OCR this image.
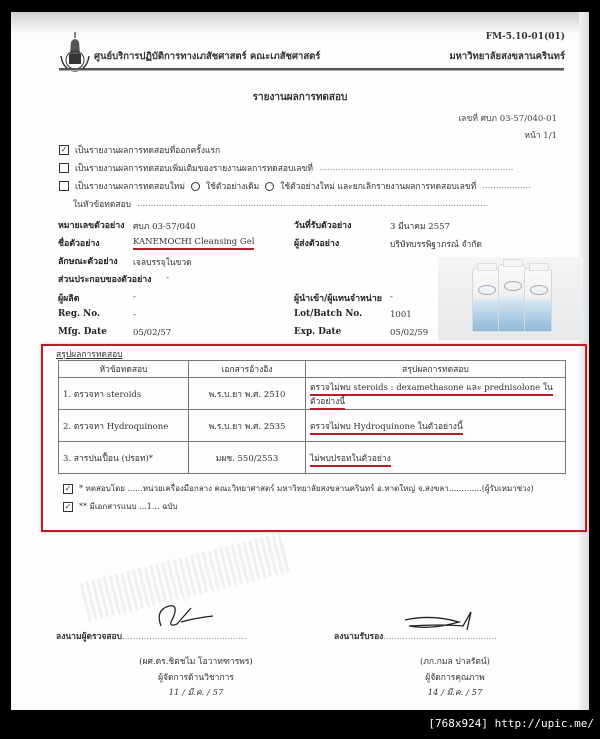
ศูนย์บริการปฏิบัติการทางเภสัชศาสตร์ คณะเภสัชศาสตร์
FM-5.10-01(01)
มหาวิทยาลัยสงขลานครินทร์
รายงานผลการทดสอบ
เลขที่ ศบภ 03-57/040-01
หน้า 1/1
✓ เป็นรายงานผลการทดสอบที่ออกครั้งแรก
เป็นรายงานผลการทดสอบเพิ่มเติมของรายงานผลการทดสอบเลขที่ ........................................................................
เป็นรายงานผลการทดสอบใหม่ ใช้ตัวอย่างเดิม ใช้ตัวอย่างใหม่ และยกเลิกรายงานผลการทดสอบเลขที่ ..................
ในหัวข้อทดสอบ ..................................................................................................................................
หมายเลขตัวอย่าง ศบภ 03-57/040	วันที่รับตัวอย่าง	3 มีนาคม 2557
ชื่อตัวอย่าง	KANEMOCHI Cleansing Gel	ผู้ส่งตัวอย่าง	บริษัทบรรพิฐาภรณ์ จำกัด
ลักษณะตัวอย่าง เจลบรรจุในขวด
ส่วนประกอบของตัวอย่าง -
ผู้ผลิต	-	ผู้นำเข้า/ผู้แทนจำหน่าย -
Reg. No.	-	Lot/Batch No.	1001
Mfg. Date	05/02/57	Exp. Date	05/02/59
สรุปผลการทดสอบ
หัวข้อทดสอบ	เอกสารอ้างอิง	สรุปผลการทดสอบ
1. ตรวจหา steroids	พ.ร.บ.ยา พ.ศ. 2510	ตรวจไม่พบ steroids : dexamethasone และ prednisolone ในตัวอย่างนี้
2. ตรวจหา Hydroquinone	พ.ร.บ.ยา พ.ศ. 2535	ตรวจไม่พบ Hydroquinone ในตัวอย่างนี้
3. สารปนเปื้อน (ปรอท)*	มผช. 550/2553	ไม่พบปรอทในตัวอย่าง
✓ * ทดสอบโดย ......หน่วยเครื่องมือกลาง คณะวิทยาศาสตร์ มหาวิทยาลัยสงขลานครินทร์ อ.หาดใหญ่ จ.สงขลา.............(ผู้รับเหมาช่วง)
✓ ** มีเอกสารแนบ ...1... ฉบับ
ลงนามผู้ตรวจสอบ..............................................
(ผศ.ดร.ชิตชไม โอวาทฑารพร)
ผู้จัดการด้านวิชาการ
11 / มี.ค. / 57
ลงนามรับรอง..........................................
(ภก.กมล ปาลรัตน์)
ผู้จัดการคุณภาพ
14 / มี.ค. / 57
[768x924] http://upic.me/
